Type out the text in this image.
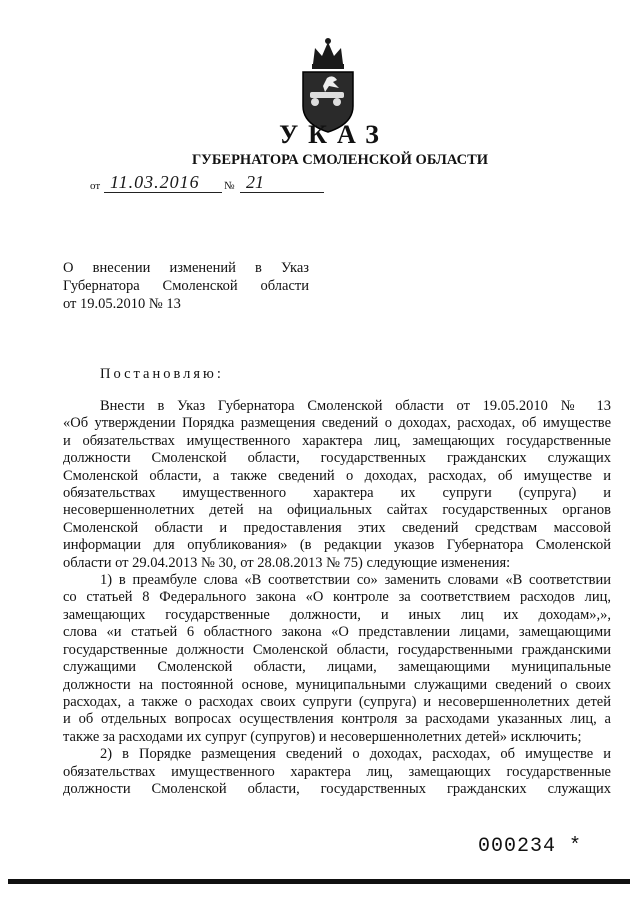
УКАЗ
ГУБЕРНАТОРА СМОЛЕНСКОЙ ОБЛАСТИ
от 11.03.2016	№ 21
О внесении изменений в Указ
Губернатора Смоленской области
от 19.05.2010 № 13
Постановляю:
Внести в Указ Губернатора Смоленской области от 19.05.2010 № 13
«Об утверждении Порядка размещения сведений о доходах, расходах, об имуществе
и обязательствах имущественного характера лиц, замещающих государственные
должности Смоленской области, государственных гражданских служащих
Смоленской области, а также сведений о доходах, расходах, об имуществе и
обязательствах имущественного характера их супруги (супруга) и
несовершеннолетних детей на официальных сайтах государственных органов
Смоленской области и предоставления этих сведений средствам массовой
информации для опубликования» (в редакции указов Губернатора Смоленской
области от 29.04.2013 № 30, от 28.08.2013 № 75) следующие изменения:
1) в преамбуле слова «В соответствии со» заменить словами «В соответствии
со статьей 8 Федерального закона «О контроле за соответствием расходов лиц,
замещающих государственные должности, и иных лиц их доходам»,»,
слова «и статьей 6 областного закона «О представлении лицами, замещающими
государственные должности Смоленской области, государственными гражданскими
служащими Смоленской области, лицами, замещающими муниципальные
должности на постоянной основе, муниципальными служащими сведений о своих
расходах, а также о расходах своих супруги (супруга) и несовершеннолетних детей
и об отдельных вопросах осуществления контроля за расходами указанных лиц, а
также за расходами их супруг (супругов) и несовершеннолетних детей» исключить;
2) в Порядке размещения сведений о доходах, расходах, об имуществе и
обязательствах имущественного характера лиц, замещающих государственные
должности Смоленской области, государственных гражданских служащих
000234 *
